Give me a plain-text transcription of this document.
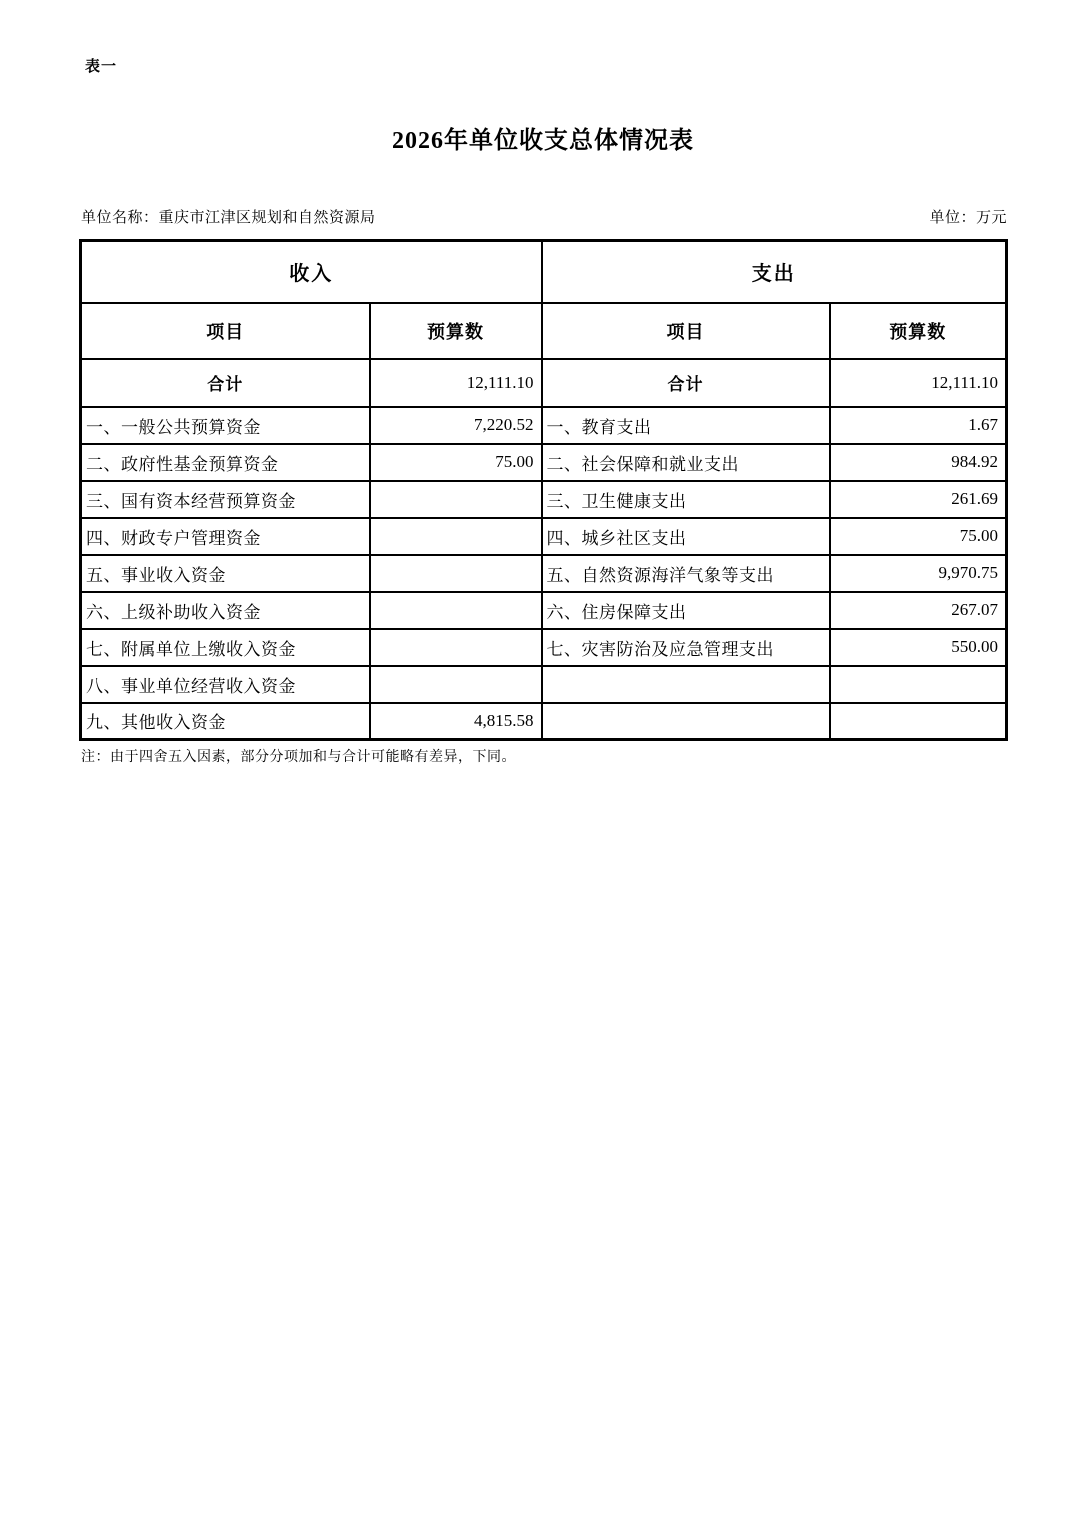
表一
2026年单位收支总体情况表
单位名称：重庆市江津区规划和自然资源局	单位：万元
收入		支出	
项目	预算数	项目	预算数
合计	12,111.10	合计	12,111.10
一、一般公共预算资金	7,220.52	一、教育支出	1.67
二、政府性基金预算资金	75.00	二、社会保障和就业支出	984.92
三、国有资本经营预算资金		三、卫生健康支出	261.69
四、财政专户管理资金		四、城乡社区支出	75.00
五、事业收入资金		五、自然资源海洋气象等支出	9,970.75
六、上级补助收入资金		六、住房保障支出	267.07
七、附属单位上缴收入资金		七、灾害防治及应急管理支出	550.00
八、事业单位经营收入资金			
九、其他收入资金	4,815.58		
注：由于四舍五入因素，部分分项加和与合计可能略有差异，下同。
